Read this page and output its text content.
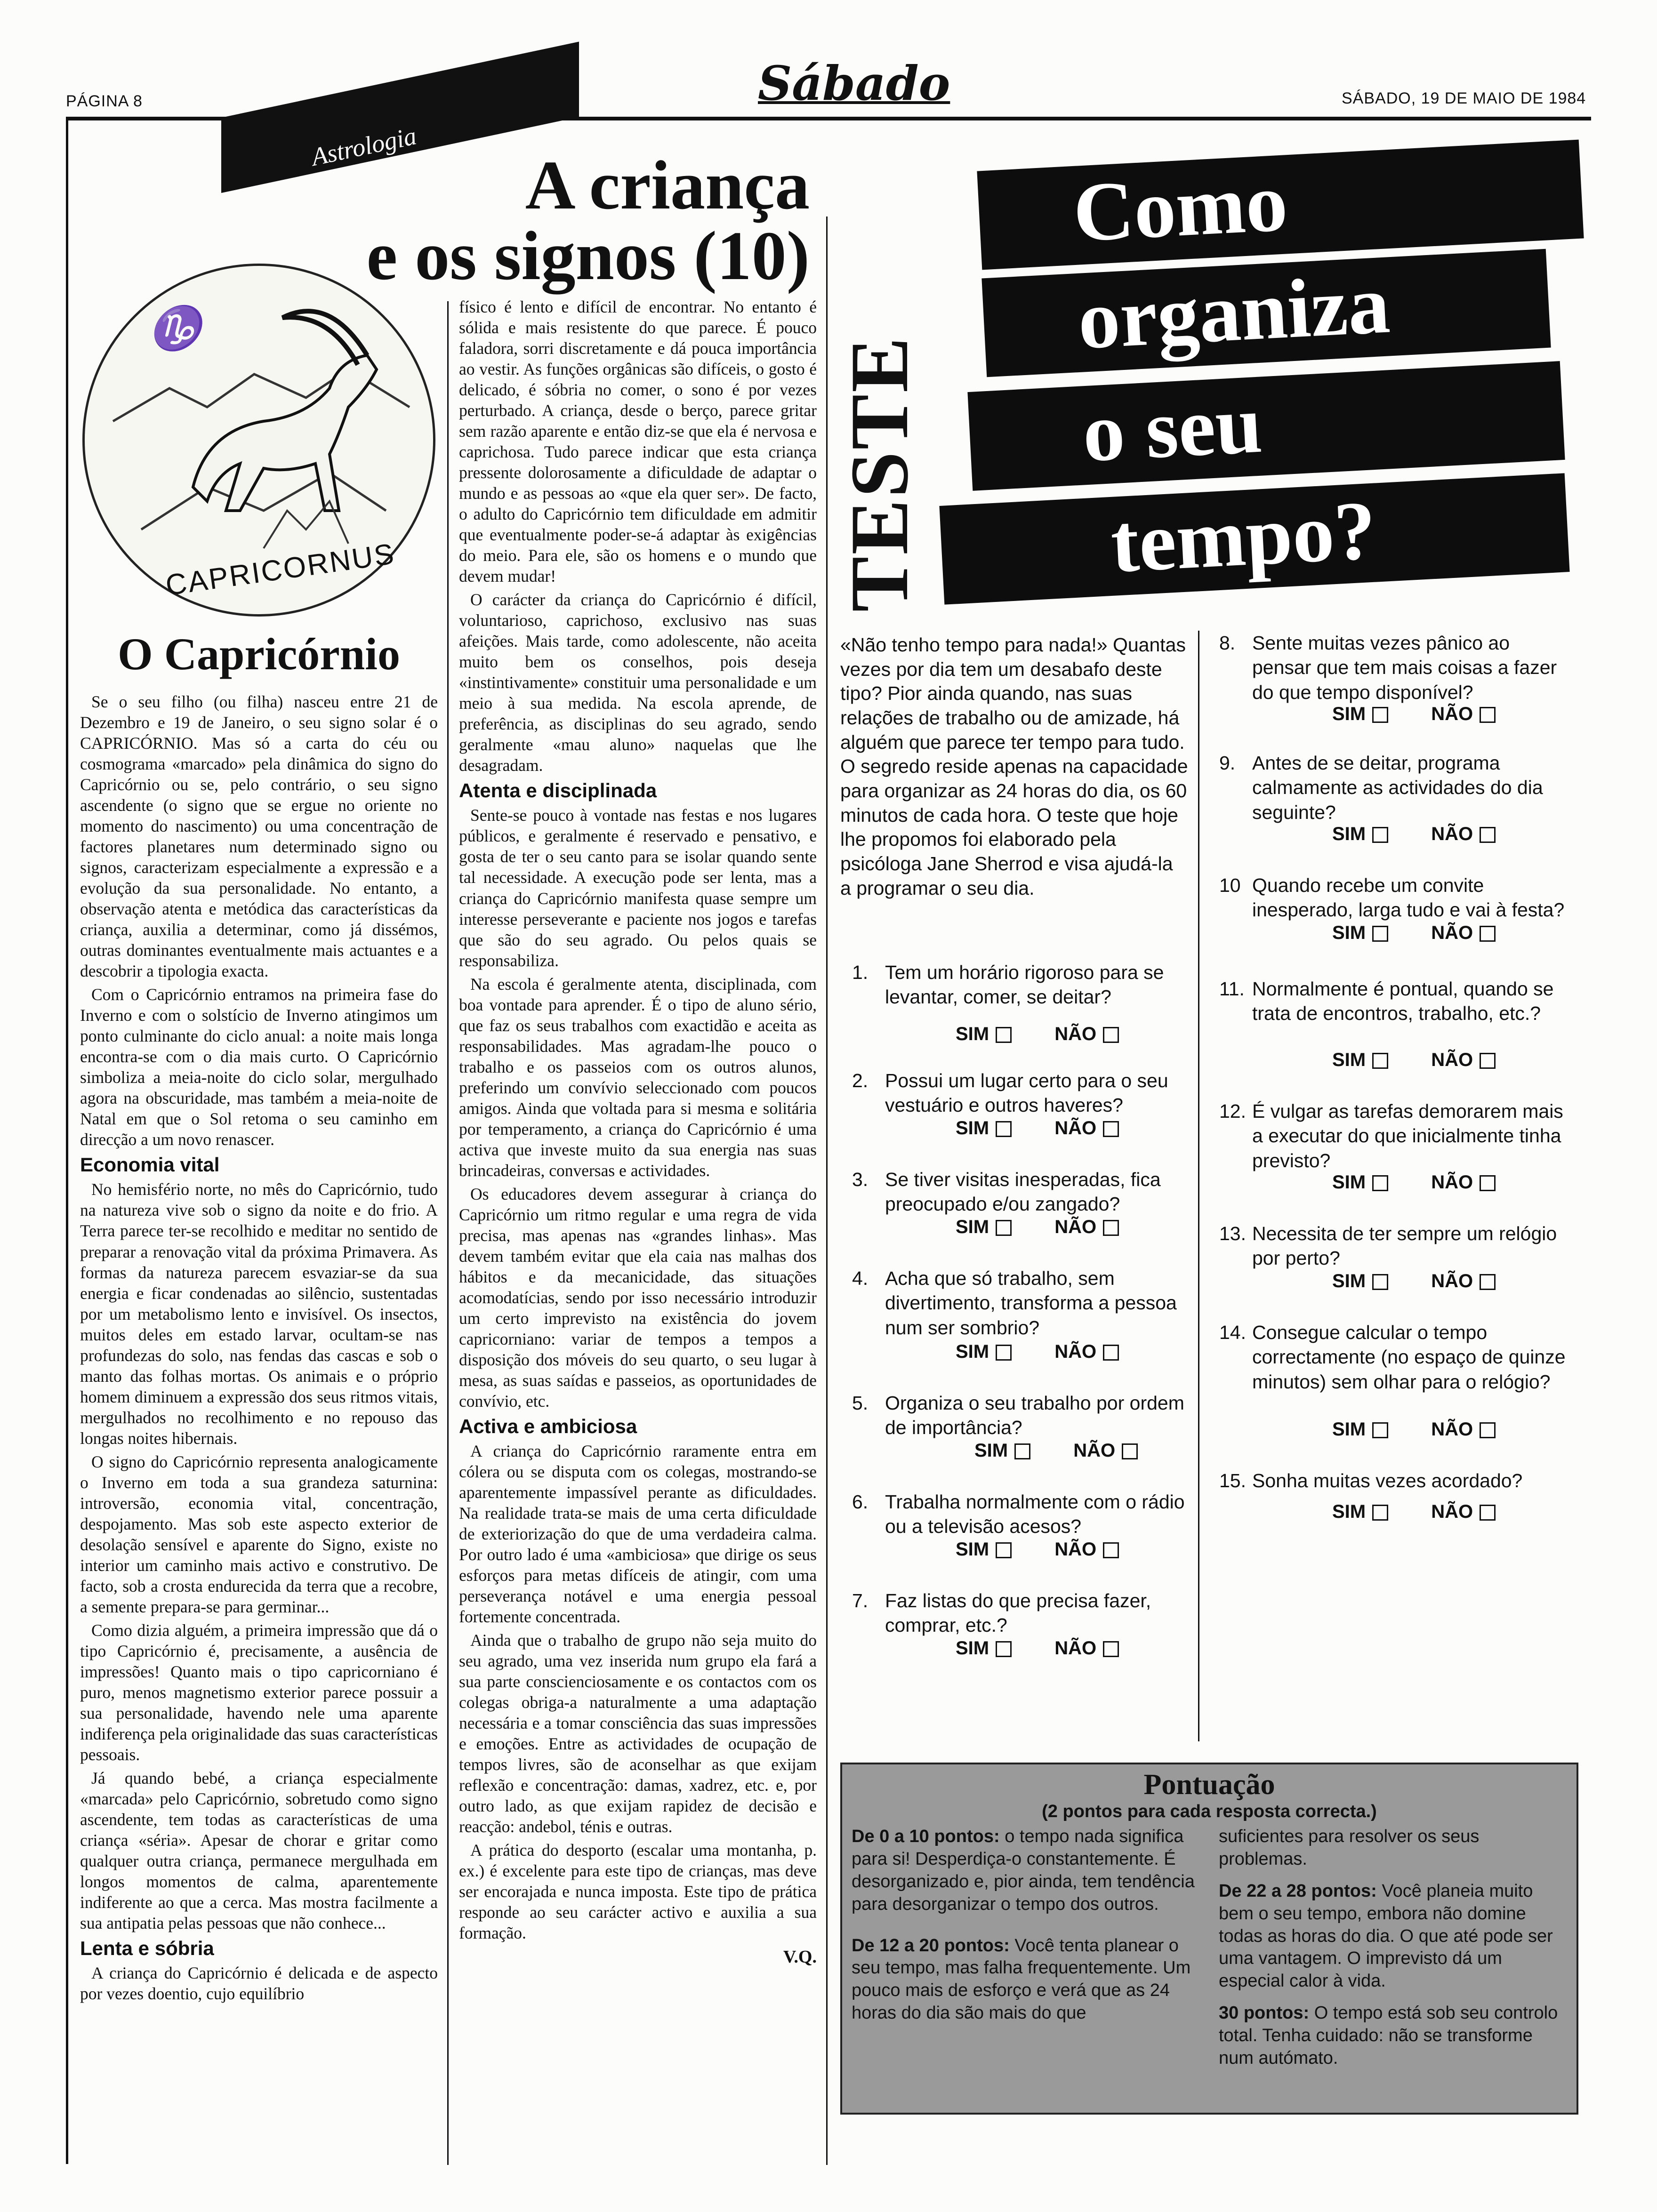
PÁGINA 8	Sábado	SÁBADO, 19 DE MAIO DE 1984
Astrologia
A criança
e os signos (10)
♑
CAPRICORNUS
O Capricórnio

Se o seu filho (ou filha) nasceu entre 21 de Dezembro e 19 de Janeiro, o seu signo solar é o CAPRICÓRNIO. Mas só a carta do céu ou cosmograma «marcado» pela dinâmica do signo do Capricórnio ou se, pelo contrário, o seu signo ascendente (o signo que se ergue no oriente no momento do nascimento) ou uma concentração de factores planetares num determinado signo ou signos, caracterizam especialmente a expressão e a evolução da sua personalidade. No entanto, a observação atenta e metódica das características da criança, auxilia a determinar, como já dissémos, outras dominantes eventualmente mais actuantes e a descobrir a tipologia exacta.

Com o Capricórnio entramos na primeira fase do Inverno e com o solstício de Inverno atingimos um ponto culminante do ciclo anual: a noite mais longa encontra-se com o dia mais curto. O Capricórnio simboliza a meia-noite do ciclo solar, mergulhado agora na obscuridade, mas também a meia-noite de Natal em que o Sol retoma o seu caminho em direcção a um novo renascer.

Economia vital

No hemisfério norte, no mês do Capricórnio, tudo na natureza vive sob o signo da noite e do frio. A Terra parece ter-se recolhido e meditar no sentido de preparar a renovação vital da próxima Primavera. As formas da natureza parecem esvaziar-se da sua energia e ficar condenadas ao silêncio, sustentadas por um metabolismo lento e invisível. Os insectos, muitos deles em estado larvar, ocultam-se nas profundezas do solo, nas fendas das cascas e sob o manto das folhas mortas. Os animais e o próprio homem diminuem a expressão dos seus ritmos vitais, mergulhados no recolhimento e no repouso das longas noites hibernais.

O signo do Capricórnio representa analogicamente o Inverno em toda a sua grandeza saturnina: introversão, economia vital, concentração, despojamento. Mas sob este aspecto exterior de desolação sensível e aparente do Signo, existe no interior um caminho mais activo e construtivo. De facto, sob a crosta endurecida da terra que a recobre, a semente prepara-se para germinar...

Como dizia alguém, a primeira impressão que dá o tipo Capricórnio é, precisamente, a ausência de impressões! Quanto mais o tipo capricorniano é puro, menos magnetismo exterior parece possuir a sua personalidade, havendo nele uma aparente indiferença pela originalidade das suas características pessoais.

Já quando bebé, a criança especialmente «marcada» pelo Capricórnio, sobretudo como signo ascendente, tem todas as características de uma criança «séria». Apesar de chorar e gritar como qualquer outra criança, permanece mergulhada em longos momentos de calma, aparentemente indiferente ao que a cerca. Mas mostra facilmente a sua antipatia pelas pessoas que não conhece...

Lenta e sóbria

A criança do Capricórnio é delicada e de aspecto por vezes doentio, cujo equilíbrio

físico é lento e difícil de encontrar. No entanto é sólida e mais resistente do que parece. É pouco faladora, sorri discretamente e dá pouca importância ao vestir. As funções orgânicas são difíceis, o gosto é delicado, é sóbria no comer, o sono é por vezes perturbado. A criança, desde o berço, parece gritar sem razão aparente e então diz-se que ela é nervosa e caprichosa. Tudo parece indicar que esta criança pressente dolorosamente a dificuldade de adaptar o mundo e as pessoas ao «que ela quer ser». De facto, o adulto do Capricórnio tem dificuldade em admitir que eventualmente poder-se-á adaptar às exigências do meio. Para ele, são os homens e o mundo que devem mudar!

O carácter da criança do Capricórnio é difícil, voluntarioso, caprichoso, exclusivo nas suas afeições. Mais tarde, como adolescente, não aceita muito bem os conselhos, pois deseja «instintivamente» constituir uma personalidade e um meio à sua medida. Na escola aprende, de preferência, as disciplinas do seu agrado, sendo geralmente «mau aluno» naquelas que lhe desagradam.

Atenta e disciplinada

Sente-se pouco à vontade nas festas e nos lugares públicos, e geralmente é reservado e pensativo, e gosta de ter o seu canto para se isolar quando sente tal necessidade. A execução pode ser lenta, mas a criança do Capricórnio manifesta quase sempre um interesse perseverante e paciente nos jogos e tarefas que são do seu agrado. Ou pelos quais se responsabiliza.

Na escola é geralmente atenta, disciplinada, com boa vontade para aprender. É o tipo de aluno sério, que faz os seus trabalhos com exactidão e aceita as responsabilidades. Mas agradam-lhe pouco o trabalho e os passeios com os outros alunos, preferindo um convívio seleccionado com poucos amigos. Ainda que voltada para si mesma e solitária por temperamento, a criança do Capricórnio é uma activa que investe muito da sua energia nas suas brincadeiras, conversas e actividades.

Os educadores devem assegurar à criança do Capricórnio um ritmo regular e uma regra de vida precisa, mas apenas nas «grandes linhas». Mas devem também evitar que ela caia nas malhas dos hábitos e da mecanicidade, das situações acomodatícias, sendo por isso necessário introduzir um certo imprevisto na existência do jovem capricorniano: variar de tempos a tempos a disposição dos móveis do seu quarto, o seu lugar à mesa, as suas saídas e passeios, as oportunidades de convívio, etc.

Activa e ambiciosa

A criança do Capricórnio raramente entra em cólera ou se disputa com os colegas, mostrando-se aparentemente impassível perante as dificuldades. Na realidade trata-se mais de uma certa dificuldade de exteriorização do que de uma verdadeira calma. Por outro lado é uma «ambiciosa» que dirige os seus esforços para metas difíceis de atingir, com uma perseverança notável e uma energia pessoal fortemente concentrada.

Ainda que o trabalho de grupo não seja muito do seu agrado, uma vez inserida num grupo ela fará a sua parte conscienciosamente e os contactos com os colegas obriga-a naturalmente a uma adaptação necessária e a tomar consciência das suas impressões e emoções. Entre as actividades de ocupação de tempos livres, são de aconselhar as que exijam reflexão e concentração: damas, xadrez, etc. e, por outro lado, as que exijam rapidez de decisão e reacção: andebol, ténis e outras.

A prática do desporto (escalar uma montanha, p. ex.) é excelente para este tipo de crianças, mas deve ser encorajada e nunca imposta. Este tipo de prática responde ao seu carácter activo e auxilia a sua formação.

V.Q.
TESTE
Como
organiza
o seu
tempo?
«Não tenho tempo para nada!» Quantas vezes por dia tem um desabafo deste tipo? Pior ainda quando, nas suas relações de trabalho ou de amizade, há alguém que parece ter tempo para tudo. O segredo reside apenas na capacidade para organizar as 24 horas do dia, os 60 minutos de cada hora. O teste que hoje lhe propomos foi elaborado pela psicóloga Jane Sherrod e visa ajudá-la a programar o seu dia.
1. Tem um horário rigoroso para se levantar, comer, se deitar?
SIM	NÃO
2. Possui um lugar certo para o seu vestuário e outros haveres?
SIM	NÃO
3. Se tiver visitas inesperadas, fica preocupado e/ou zangado?
SIM	NÃO
4. Acha que só trabalho, sem divertimento, transforma a pessoa num ser sombrio?
SIM	NÃO
5. Organiza o seu trabalho por ordem de importância?
SIM	NÃO
6. Trabalha normalmente com o rádio ou a televisão acesos?
SIM	NÃO
7. Faz listas do que precisa fazer, comprar, etc.?
SIM	NÃO
8. Sente muitas vezes pânico ao pensar que tem mais coisas a fazer do que tempo disponível?
SIM	NÃO
9. Antes de se deitar, programa calmamente as actividades do dia seguinte?
SIM	NÃO
10 Quando recebe um convite inesperado, larga tudo e vai à festa?
SIM	NÃO
11. Normalmente é pontual, quando se trata de encontros, trabalho, etc.?
SIM	NÃO
12. É vulgar as tarefas demorarem mais a executar do que inicialmente tinha previsto?
SIM	NÃO
13. Necessita de ter sempre um relógio por perto?
SIM	NÃO
14. Consegue calcular o tempo correctamente (no espaço de quinze minutos) sem olhar para o relógio?
SIM	NÃO
15. Sonha muitas vezes acordado?
SIM	NÃO
Pontuação
(2 pontos para cada resposta correcta.)
De 0 a 10 pontos: o tempo nada significa para si! Desperdiça-o constantemente. É desorganizado e, pior ainda, tem tendência para desorganizar o tempo dos outros.
De 12 a 20 pontos: Você tenta planear o seu tempo, mas falha frequentemente. Um pouco mais de esforço e verá que as 24 horas do dia são mais do que
suficientes para resolver os seus problemas.
De 22 a 28 pontos: Você planeia muito bem o seu tempo, embora não domine todas as horas do dia. O que até pode ser uma vantagem. O imprevisto dá um especial calor à vida.
30 pontos: O tempo está sob seu controlo total. Tenha cuidado: não se transforme num autómato.
